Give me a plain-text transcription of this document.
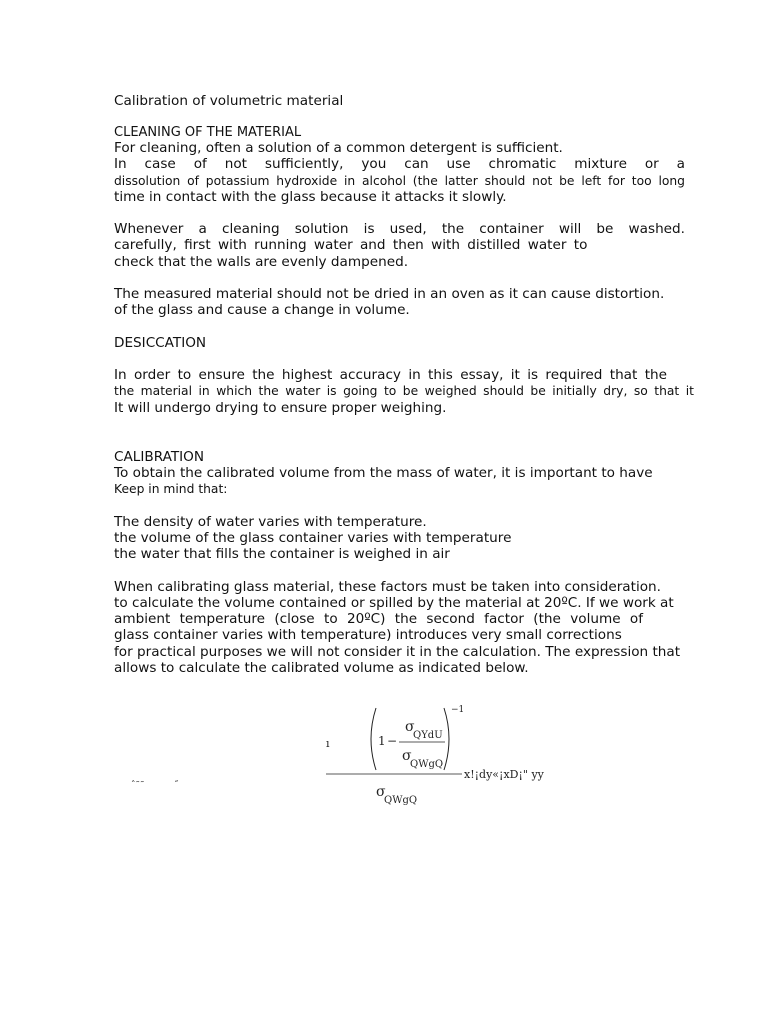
Calibration of volumetric material
CLEANING OF THE MATERIAL
For cleaning, often a solution of a common detergent is sufficient.
In case of not sufficiently, you can use chromatic mixture or a
dissolution of potassium hydroxide in alcohol (the latter should not be left for too long
time in contact with the glass because it attacks it slowly.
Whenever a cleaning solution is used, the container will be washed.
carefully, first with running water and then with distilled water to
check that the walls are evenly dampened.
The measured material should not be dried in an oven as it can cause distortion.
of the glass and cause a change in volume.
DESICCATION
In order to ensure the highest accuracy in this essay, it is required that the
the material in which the water is going to be weighed should be initially dry, so that it
It will undergo drying to ensure proper weighing.
CALIBRATION
To obtain the calibrated volume from the mass of water, it is important to have
Keep in mind that:
The density of water varies with temperature.
the volume of the glass container varies with temperature
the water that fills the container is weighed in air
When calibrating glass material, these factors must be taken into consideration.
to calculate the volume contained or spilled by the material at 20ºC. If we work at
ambient temperature (close to 20ºC) the second factor (the volume of
glass container varies with temperature) introduces very small corrections
for practical purposes we will not consider it in the calculation. The expression that
allows to calculate the calibrated volume as indicated below.
ˆ˜˜	˝
ı
−1
1 −
σ
QYdU
σ
QWgQ
x!¡dy«¡xD¡" yy
σ
QWgQ
